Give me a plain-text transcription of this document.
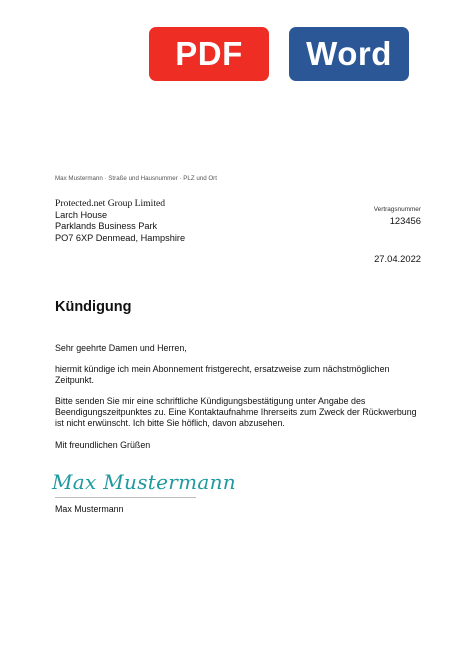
PDF	Word
Max Mustermann · Straße und Hausnummer · PLZ und Ort
Protected.net Group Limited
Larch House
Parklands Business Park
PO7 6XP Denmead, Hampshire
Vertragsnummer
123456
27.04.2022
Kündigung
Sehr geehrte Damen und Herren,
hiermit kündige ich mein Abonnement fristgerecht, ersatzweise zum nächstmöglichen Zeitpunkt.
Bitte senden Sie mir eine schriftliche Kündigungsbestätigung unter Angabe des Beendigungszeitpunktes zu. Eine Kontaktaufnahme Ihrerseits zum Zweck der Rückwerbung ist nicht erwünscht. Ich bitte Sie höflich, davon abzusehen.
Mit freundlichen Grüßen
Max Mustermann
Max Mustermann
